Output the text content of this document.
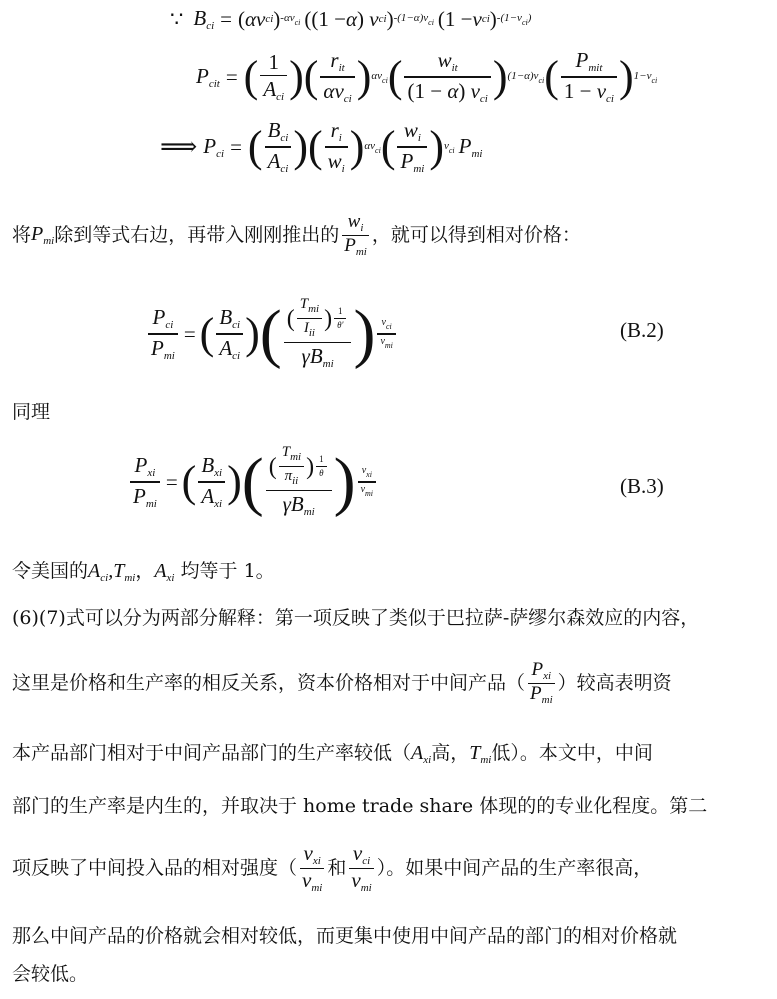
∵ $B_{ci}$ = ( αν ci ) $-\alpha\nu_{ci}$ ((1 − α ) ν ci ) $-(1-\alpha)\nu_{ci}$ (1 − ν ci ) $-(1-\nu_{ci})$
$P_{cit}$ = ( $\frac{1}{A_{ci}}$ ) ( $\frac{r_{it}}{\alpha v_{ci}}$ ) $\alpha\nu_{ci}$ ( $\frac{w_{it}}{(1 - \alpha) \nu_{ci}}$ ) $(1-\alpha)\nu_{ci}$ ( $\frac{P_{mit}}{1 - v_{ci}}$ ) $1-\nu_{ci}$
⟹ $P_{ci}$ = ( $\frac{B_{ci}}{A_{ci}}$ ) ( $\frac{r_i}{w_i}$ ) $\alpha\nu_{ci}$ ( $\frac{w_i}{P_{mi}}$ ) $\nu_{ci}$ $P_{mi}$
将 $P_{mi}$ 除到等式右边，再带入刚刚推出的
$w_i$
$P_{mi}$
，就可以得到相对价格：
$\frac{P_{ci}}{P_{mi}}$ = ( $\frac{B_{ci}}{A_{ci}}$ ) ( $\frac{( \frac{T_{mi}}{I_{ii}} ) \frac{1}{\theta'}}{\gamma B_{mi}}$ ) $\frac{\nu_{ci}}{\nu_{mi}}$	(B.2)
同理
$\frac{P_{xi}}{P_{mi}}$ = ( $\frac{B_{xi}}{A_{xi}}$ ) ( $\frac{( \frac{T_{mi}}{\pi_{ii}} ) \frac{1}{\theta}}{\gamma B_{mi}}$ ) $\frac{\nu_{xi}}{\nu_{mi}}$	(B.3)
令美国的 $A_{ci},T_{mi}$ ， $A_{xi}$
均等于 1。
(6)(7)式可以分为两部分解释：第一项反映了类似于巴拉萨-萨缪尔森效应的内容，
这里是价格和生产率的相反关系，资本价格相对于中间产品（
$P_{xi}$
$P_{mi}$
）较高表明资
本产品部门相对于中间产品部门的生产率较低（ $A_{xi}$ 高， $T_{mi}$ 低）。本文中，中间
部门的生产率是内生的，并取决于 home trade share 体现的的专业化程度。第二
项反映了中间投入品的相对强度（
$\nu_{xi}$
$\nu_{mi}$
和
$\nu_{ci}$
$\nu_{mi}$
）。如果中间产品的生产率很高，
那么中间产品的价格就会相对较低，而更集中使用中间产品的部门的相对价格就
会较低。
